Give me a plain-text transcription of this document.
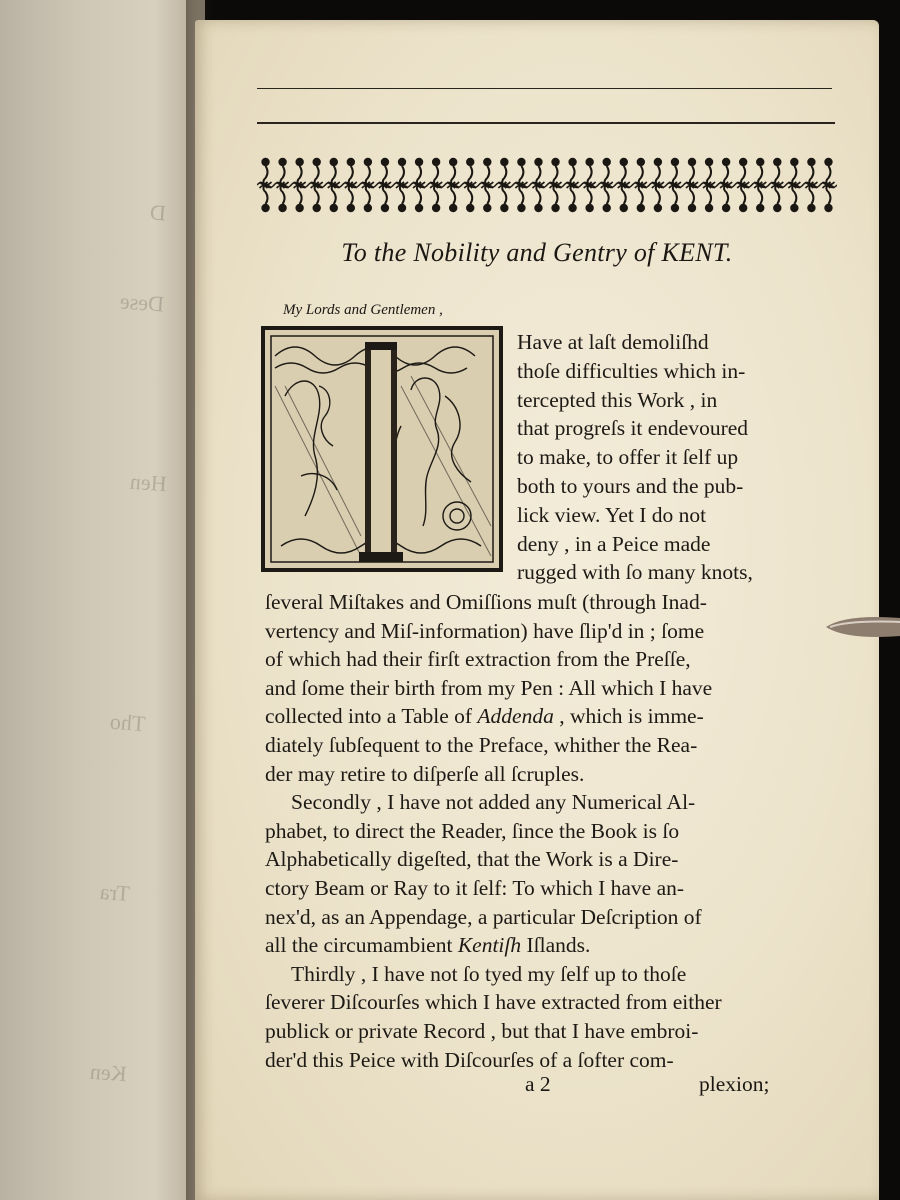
D
Dese
Hen
Tho
Tra
Ken
To the Nobility and Gentry of KENT.
My Lords and Gentlemen ,
a 2	plexion;
Have at laſt demoliſhd
thoſe difficulties which in-
tercepted this Work , in
that progreſs it endevoured
to make, to offer it ſelf up
both to yours and the pub-
lick view. Yet I do not
deny , in a Peice made
rugged with ſo many knots,
ſeveral Miſtakes and Omiſſions muſt (through Inad-
vertency and Miſ-information) have ſlip'd in ; ſome
of which had their firſt extraction from the Preſſe,
and ſome their birth from my Pen : All which I have
collected into a Table of Addenda , which is imme-
diately ſubſequent to the Preface, whither the Rea-
der may retire to diſperſe all ſcruples.
Secondly , I have not added any Numerical Al-
phabet, to direct the Reader, ſince the Book is ſo
Alphabetically digeſted, that the Work is a Dire-
ctory Beam or Ray to it ſelf: To which I have an-
nex'd, as an Appendage, a particular Deſcription of
all the circumambient Kentiſh Iſlands.
Thirdly , I have not ſo tyed my ſelf up to thoſe
ſeverer Diſcourſes which I have extracted from either
publick or private Record , but that I have embroi-
der'd this Peice with Diſcourſes of a ſofter com-
